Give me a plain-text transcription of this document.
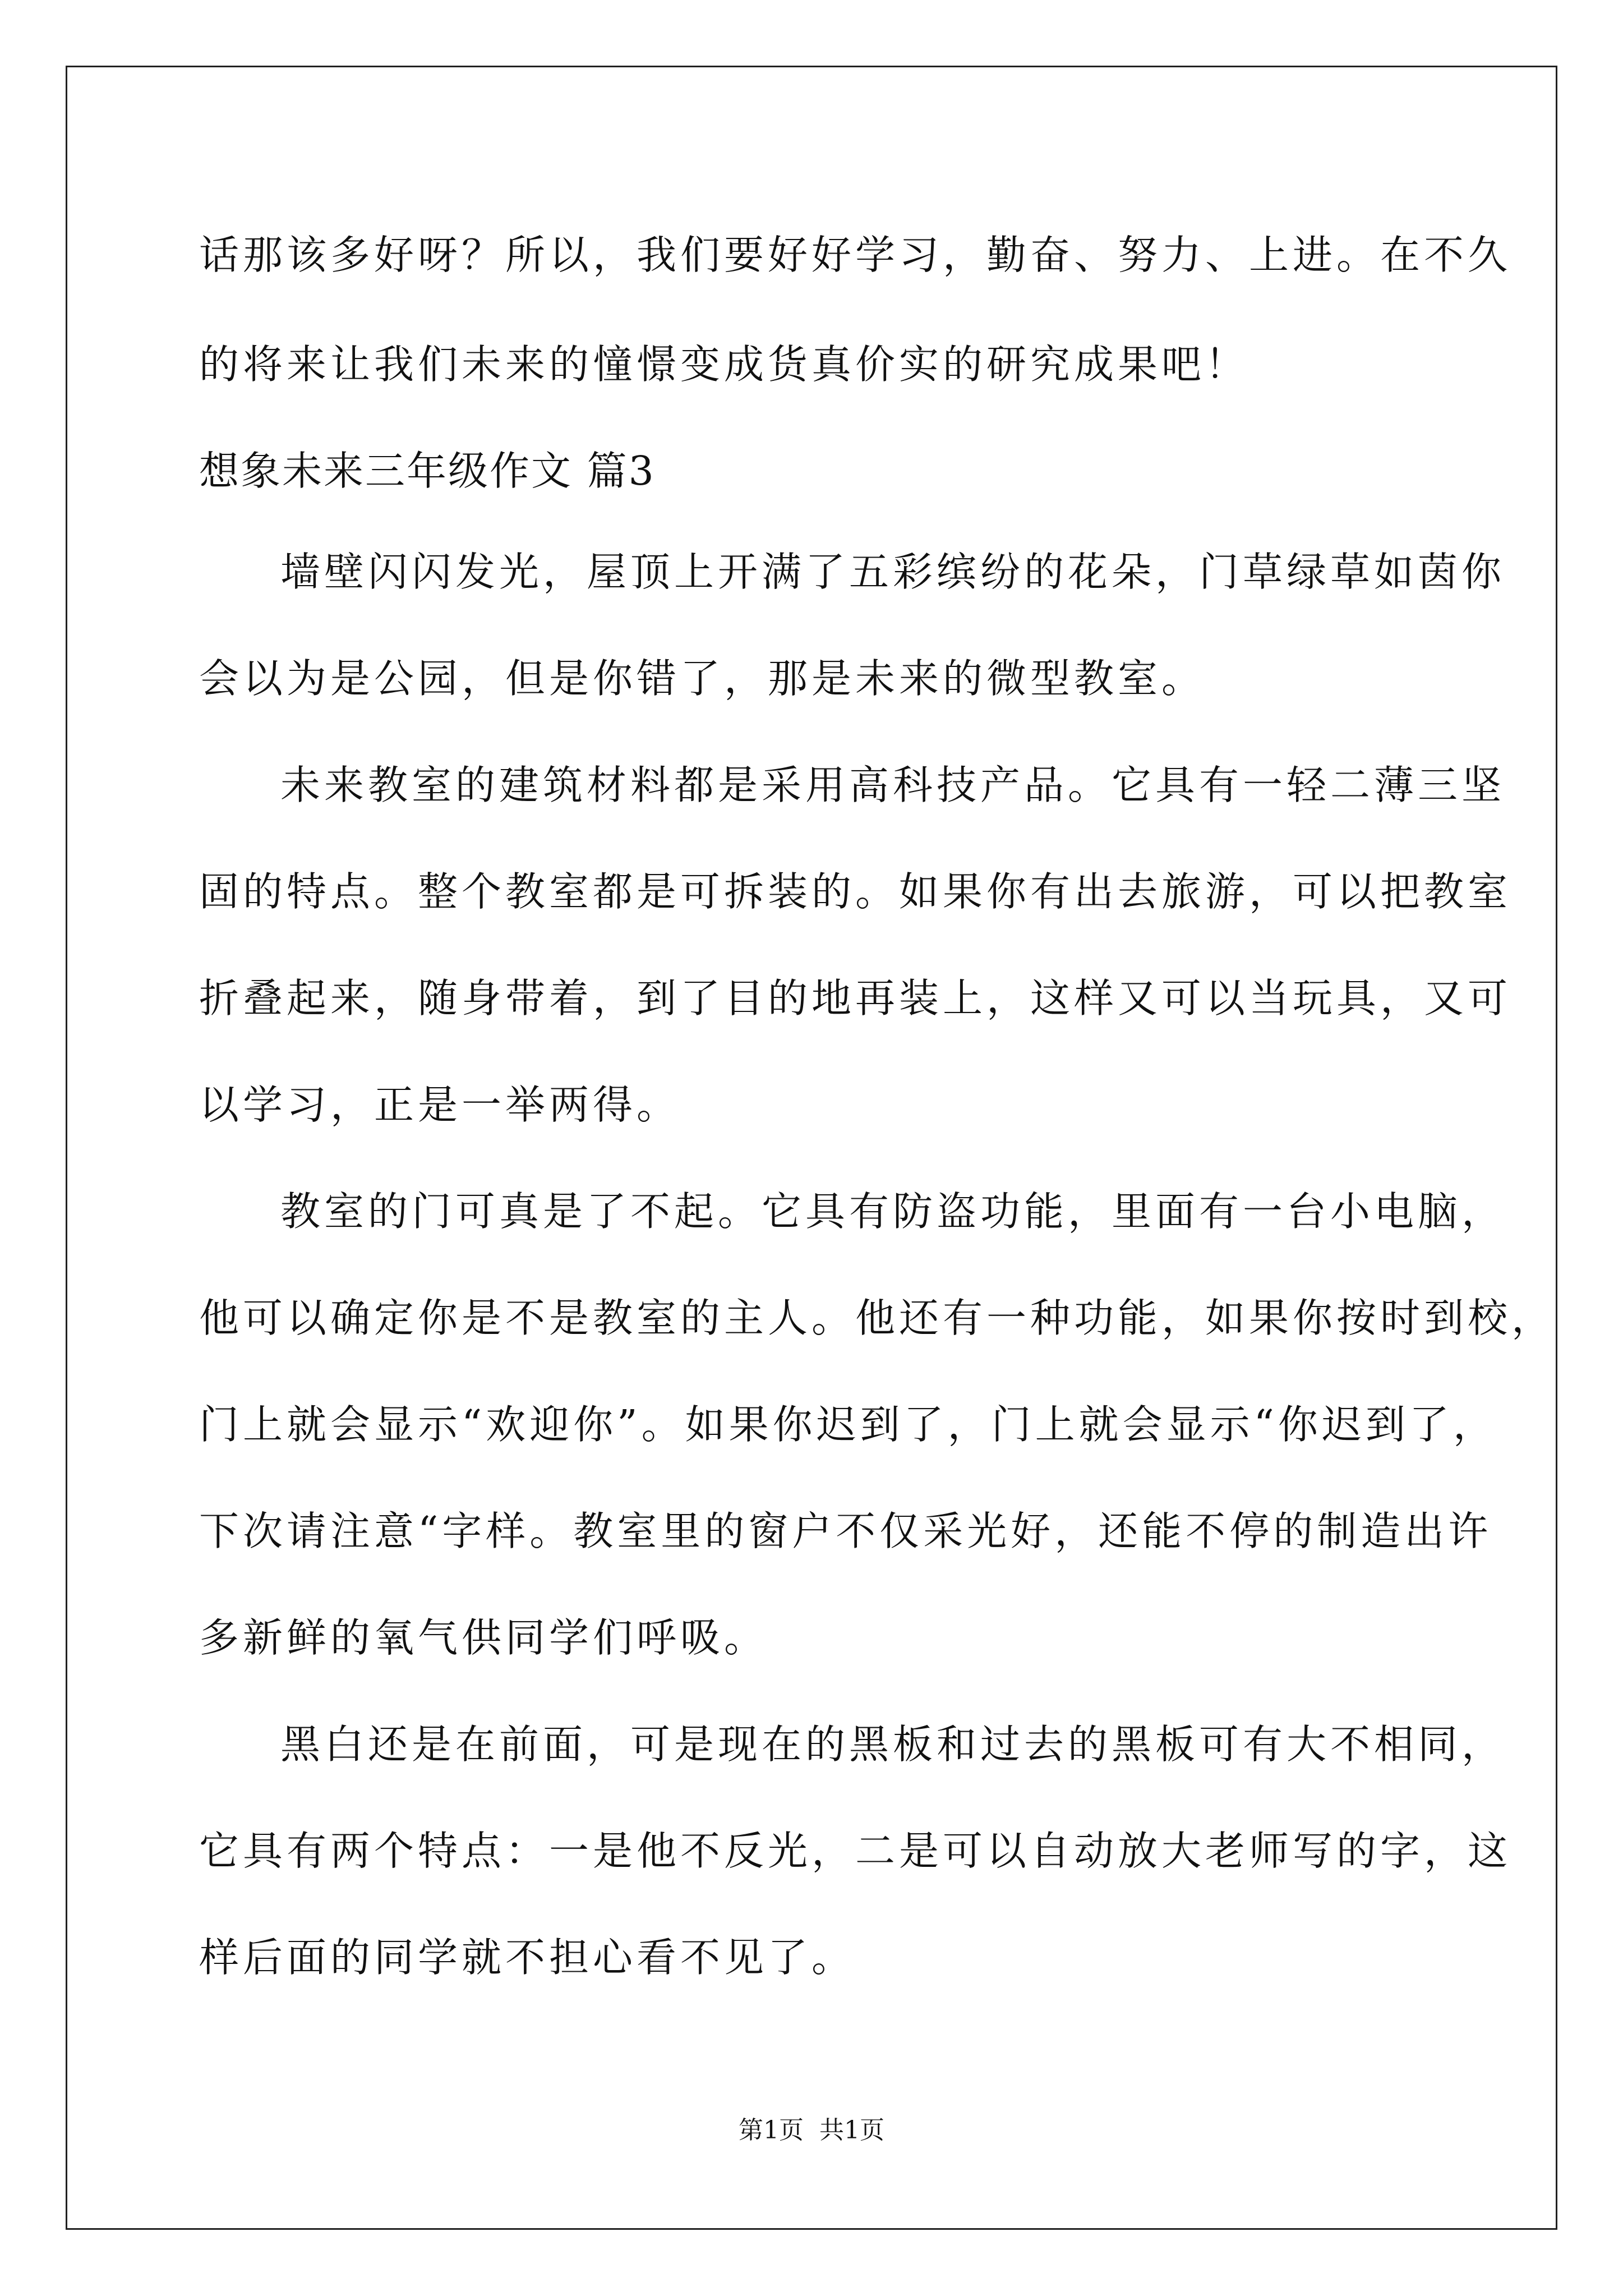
话那该多好呀？所以，我们要好好学习，勤奋、努力、上进。在不久
的将来让我们未来的憧憬变成货真价实的研究成果吧！
想象未来三年级作文 篇3
墙壁闪闪发光，屋顶上开满了五彩缤纷的花朵，门草绿草如茵你
会以为是公园，但是你错了，那是未来的微型教室。
未来教室的建筑材料都是采用高科技产品。它具有一轻二薄三坚
固的特点。整个教室都是可拆装的。如果你有出去旅游，可以把教室
折叠起来，随身带着，到了目的地再装上，这样又可以当玩具，又可
以学习，正是一举两得。
教室的门可真是了不起。它具有防盗功能，里面有一台小电脑，
他可以确定你是不是教室的主人。他还有一种功能，如果你按时到校，
门上就会显示“欢迎你”。如果你迟到了，门上就会显示“你迟到了，
下次请注意“字样。教室里的窗户不仅采光好，还能不停的制造出许
多新鲜的氧气供同学们呼吸。
黑白还是在前面，可是现在的黑板和过去的黑板可有大不相同，
它具有两个特点：一是他不反光，二是可以自动放大老师写的字，这
样后面的同学就不担心看不见了。
第1页  共1页
